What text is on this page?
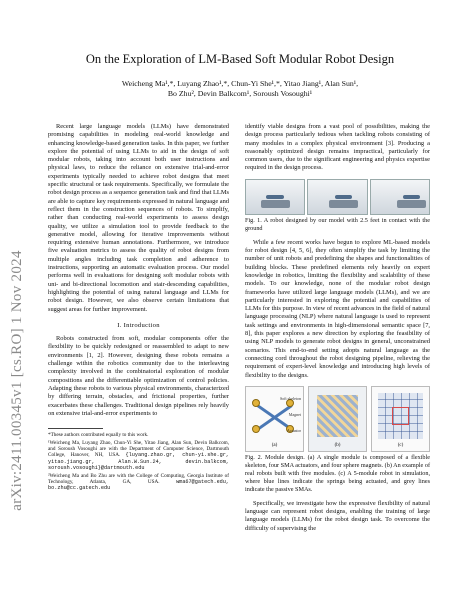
arXiv:2411.00345v1 [cs.RO] 1 Nov 2024
On the Exploration of LM-Based Soft Modular Robot Design
Weicheng Ma¹,*, Luyang Zhao¹,*, Chun-Yi She¹,*, Yitao Jiang¹, Alan Sun¹,
Bo Zhu², Devin Balkcom¹, Soroush Vosoughi¹

Recent large language models (LLMs) have demonstrated promising capabilities in modeling real-world knowledge and enhancing knowledge-based generation tasks. In this paper, we further explore the potential of using LLMs to aid in the design of soft modular robots, taking into account both user instructions and physical laws, to reduce the reliance on extensive trial-and-error experiments typically needed to achieve robot designs that meet specific structural or task requirements. Specifically, we formulate the robot design process as a sequence generation task and find that LLMs are able to capture key requirements expressed in natural language and reflect them in the construction sequences of robots. To simplify, rather than conducting real-world experiments to assess design quality, we utilize a simulation tool to provide feedback to the generative model, allowing for iterative improvements without requiring extensive human annotations. Furthermore, we introduce five evaluation metrics to assess the quality of robot designs from multiple angles including task completion and adherence to instructions, supporting an automatic evaluation process. Our model performs well in evaluations for designing soft modular robots with uni- and bi-directional locomotion and stair-descending capabilities, highlighting the potential of using natural language and LLMs for robot design. However, we also observe certain limitations that suggest areas for further improvement.

I. Introduction

Robots constructed from soft, modular components offer the flexibility to be quickly redesigned or reassembled to adapt to new environments [1, 2]. However, designing these robots remains a challenge within the robotics community due to the interleaving complexity involved in the combinatorial exploration of modular compositions and the differentiable optimization of control policies. Adapting these robots to various physical environments, characterized by differing terrain, obstacles, and frictional properties, further exacerbates these challenges. Traditional design pipelines rely heavily on extensive trial-and-error experiments to

*These authors contributed equally to this work.

¹Weicheng Ma, Luyang Zhao, Chun-Yi She, Yitao Jiang, Alan Sun, Devin Balkcom, and Soroush Vosoughi are with the Department of Computer Science, Dartmouth College, Hanover, NH, USA. {luyang.zhao.gr, chun-yi.she.gr, yitao.jiang.gr, Alan.W.Sun.24, devin.balkcom, soroush.vosoughi}@dartmouth.edu

²Weicheng Ma and Bo Zhu are with the College of Computing, Georgia Institute of Technology, Atlanta, GA, USA.	wma67@gatech.edu, bo.zhu@cc.gatech.edu

identify viable designs from a vast pool of possibilities, making the design process particularly tedious when tackling robots consisting of many modules in a complex physical environment [3]. Producing a reasonably optimized design remains impractical, particularly for common users, due to the significant engineering and physics expertise required in the design process.

Fig. 1. A robot designed by our model with 2.5 feet in contact with the ground

While a few recent works have begun to explore ML-based models for robot design [4, 5, 6], they often simplify the task by limiting the number of unit robots and predefining the shapes and functionalities of building blocks. These predefined elements rely heavily on expert knowledge in robotics, limiting the flexibility and scalability of these models. To our knowledge, none of the modular robot design frameworks have utilized large language models (LLMs), and we are particularly interested in exploring the potential and capabilities of LLMs for this purpose. In view of recent advances in the field of natural language processing (NLP) where natural language is used to represent task settings and environments in high-dimensional semantic space [7, 8], this paper explores a new direction by exploring the feasibility of using NLP models to generate robot designs in general, unconstrained scenarios. This end-to-end setting adopts natural language as the connecting cord throughout the robot designing pipeline, relieving the requirement of expert-level knowledge and introducing high levels of flexibility to the designs.

Soft skeleton
Magnet
Actuator
(a)	(b)	(c)
Fig. 2. Module design. (a) A single module is composed of a flexible skeleton, four SMA actuators, and four sphere magnets. (b) An example of real robots built with five modules. (c) A 5-module robot in simulation, where blue lines indicate the springs being actuated, and grey lines indicate the passive SMAs.

Specifically, we investigate how the expressive flexibility of natural language can represent robot designs, enabling the training of large language models (LLMs) for the robot design task. To overcome the difficulty of supervising the
